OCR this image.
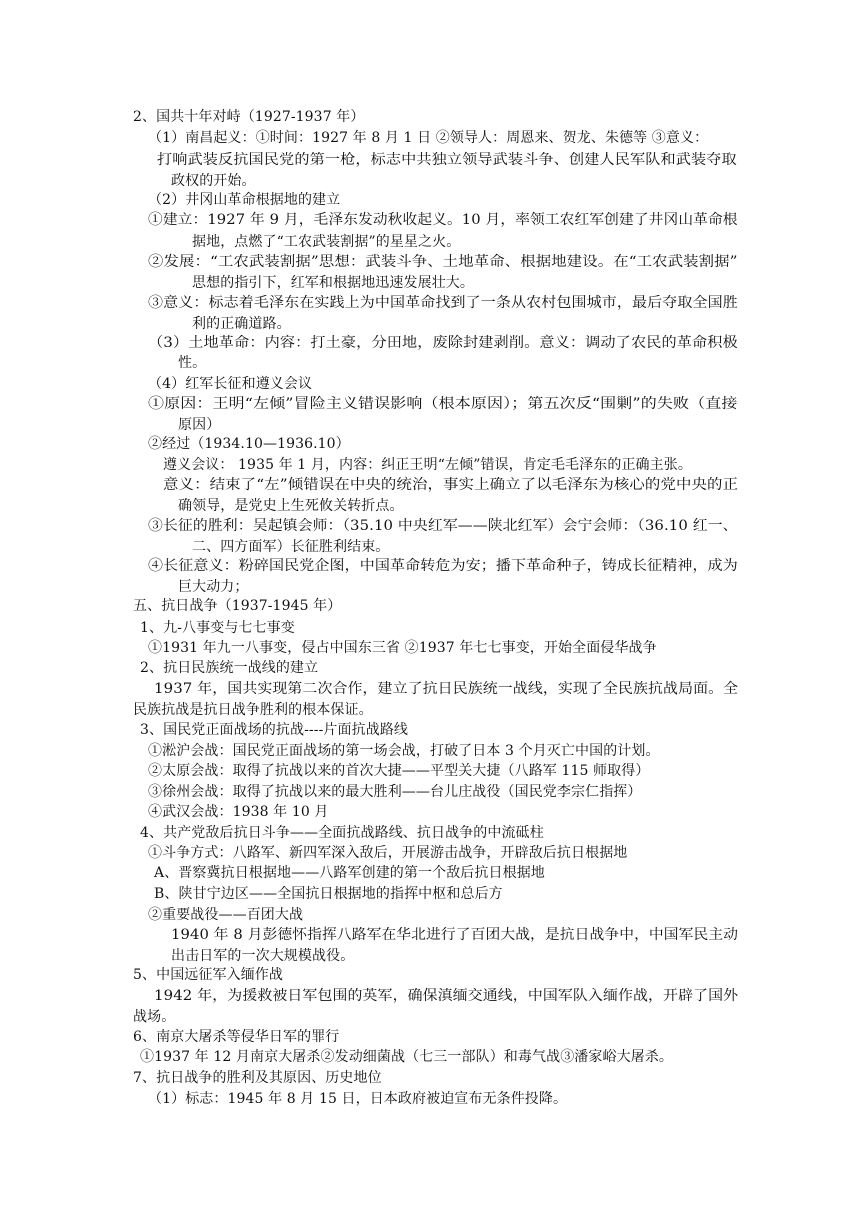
2、国共十年对峙（1927-1937 年）
（1）南昌起义：①时间：1927 年 8 月 1 日 ②领导人：周恩来、贺龙、朱德等 ③意义：
打响武装反抗国民党的第一枪，标志中共独立领导武装斗争、创建人民军队和武装夺取
政权的开始。
（2）井冈山革命根据地的建立
①建立：1927 年 9 月，毛泽东发动秋收起义。10 月，率领工农红军创建了井冈山革命根
据地，点燃了“工农武装割据”的星星之火。
②发展：“工农武装割据”思想：武装斗争、土地革命、根据地建设。在“工农武装割据”
思想的指引下，红军和根据地迅速发展壮大。
③意义：标志着毛泽东在实践上为中国革命找到了一条从农村包围城市，最后夺取全国胜
利的正确道路。
（3）土地革命：内容：打土豪，分田地，废除封建剥削。意义：调动了农民的革命积极
性。
（4）红军长征和遵义会议
①原因：王明“左倾”冒险主义错误影响（根本原因）；第五次反“围剿”的失败（直接
原因）
②经过（1934.10—1936.10）
遵义会议： 1935 年 1 月，内容：纠正王明“左倾”错误，肯定毛毛泽东的正确主张。
意义：结束了“左”倾错误在中央的统治，事实上确立了以毛泽东为核心的党中央的正
确领导，是党史上生死攸关转折点。
③长征的胜利：吴起镇会师：（35.10 中央红军——陕北红军）会宁会师：（36.10 红一、
二、四方面军）长征胜利结束。
④长征意义：粉碎国民党企图，中国革命转危为安；播下革命种子，铸成长征精神，成为
巨大动力；
五、抗日战争（1937-1945 年）
1、九-八事变与七七事变
①1931 年九一八事变，侵占中国东三省 ②1937 年七七事变，开始全面侵华战争
2、抗日民族统一战线的建立
1937 年，国共实现第二次合作，建立了抗日民族统一战线，实现了全民族抗战局面。全
民族抗战是抗日战争胜利的根本保证。
3、国民党正面战场的抗战----片面抗战路线
①淞沪会战：国民党正面战场的第一场会战，打破了日本 3 个月灭亡中国的计划。
②太原会战：取得了抗战以来的首次大捷——平型关大捷（八路军 115 师取得）
③徐州会战：取得了抗战以来的最大胜利——台儿庄战役（国民党李宗仁指挥）
④武汉会战：1938 年 10 月
4、共产党敌后抗日斗争——全面抗战路线、抗日战争的中流砥柱
①斗争方式：八路军、新四军深入敌后，开展游击战争，开辟敌后抗日根据地
A、晋察冀抗日根据地——八路军创建的第一个敌后抗日根据地
B、陕甘宁边区——全国抗日根据地的指挥中枢和总后方
②重要战役——百团大战
1940 年 8 月彭德怀指挥八路军在华北进行了百团大战，是抗日战争中，中国军民主动
出击日军的一次大规模战役。
5、中国远征军入缅作战
1942 年，为援救被日军包围的英军，确保滇缅交通线，中国军队入缅作战，开辟了国外
战场。
6、南京大屠杀等侵华日军的罪行
①1937 年 12 月南京大屠杀②发动细菌战（七三一部队）和毒气战③潘家峪大屠杀。
7、抗日战争的胜利及其原因、历史地位
（1）标志：1945 年 8 月 15 日，日本政府被迫宣布无条件投降。
